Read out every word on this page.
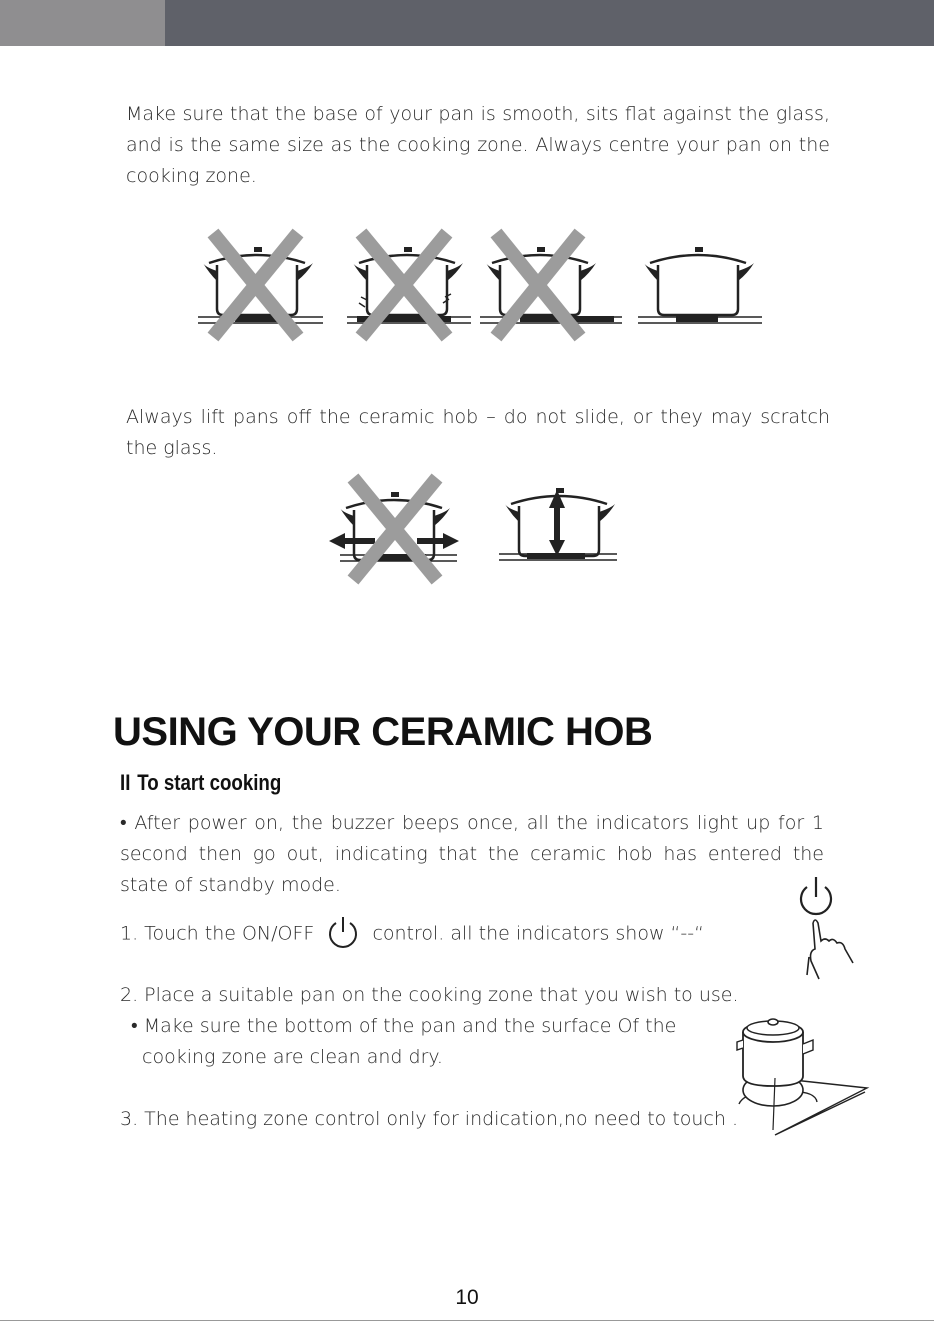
Make sure that the base of your pan is smooth, sits flat against the glass, and is the same size as the cooking zone. Always centre your pan on the cooking zone.
Always lift pans off the ceramic hob – do not slide, or they may scratch the glass.
USING YOUR CERAMIC HOB
II To start cooking
• After power on, the buzzer beeps once, all the indicators light up for 1 second then go out, indicating that the ceramic hob has entered the state of standby mode.
1. Touch the ON/OFF	control. all the indicators show “--“
2. Place a suitable pan on the cooking zone that you wish to use.
• Make sure the bottom of the pan and the surface Of the
cooking zone are clean and dry.
3. The heating zone control only for indication,no need to touch .
10
